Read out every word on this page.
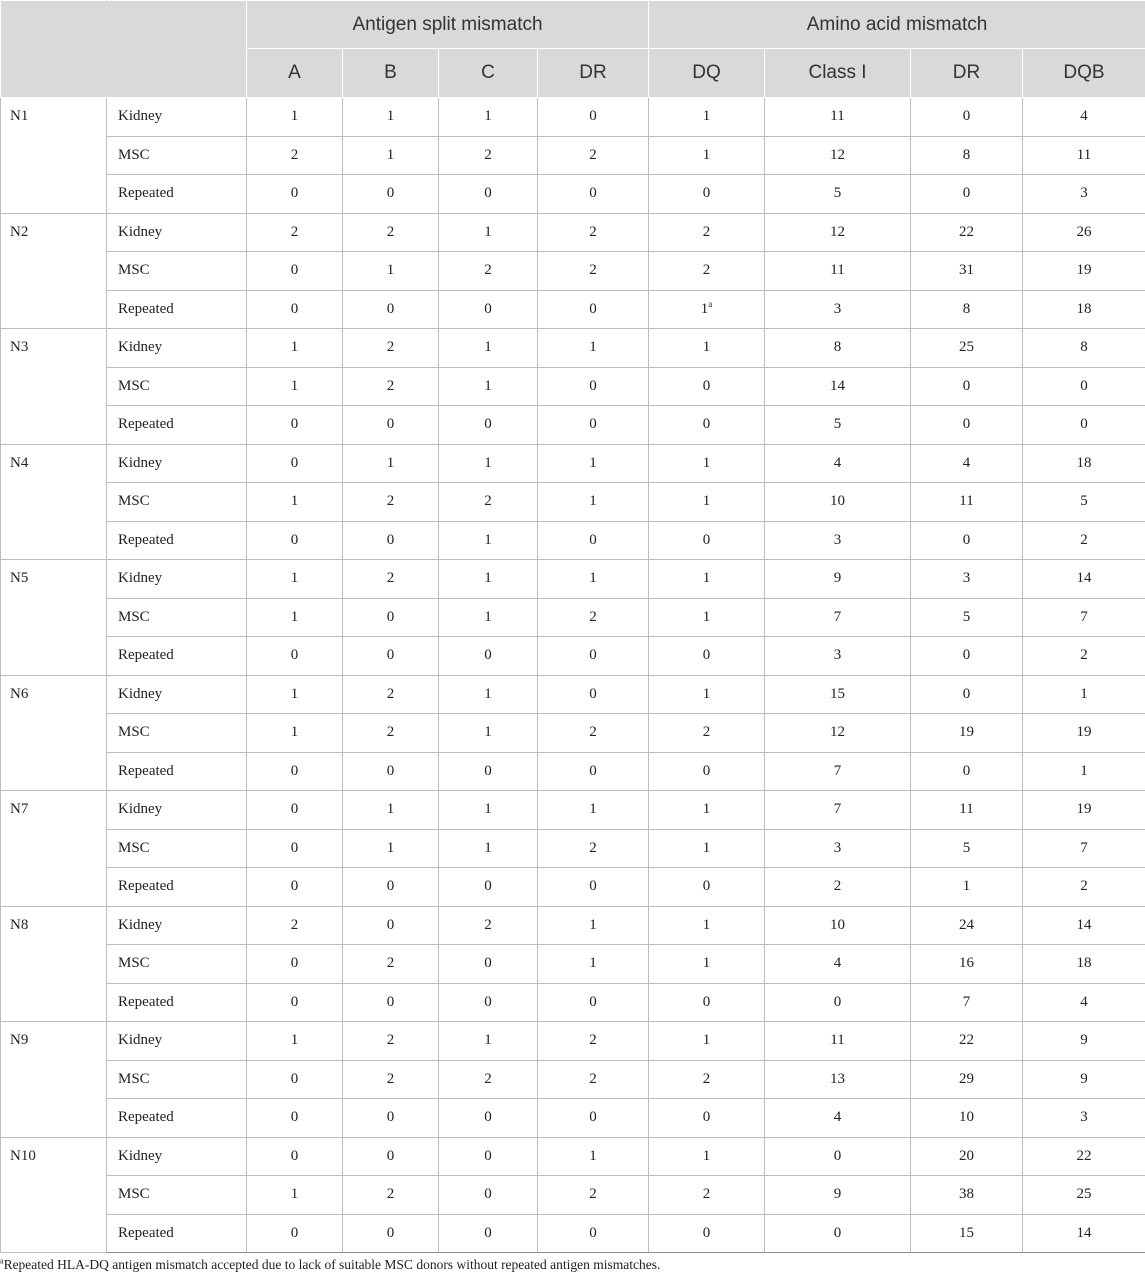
		Antigen split mismatch				Amino acid mismatch			
		A	B	C	DR	DQ	Class I	DR	DQB
N1	Kidney	1	1	1	0	1	11	0	4
	MSC	2	1	2	2	1	12	8	11
	Repeated	0	0	0	0	0	5	0	3
N2	Kidney	2	2	1	2	2	12	22	26
	MSC	0	1	2	2	2	11	31	19
	Repeated	0	0	0	0	1$^a$	3	8	18
N3	Kidney	1	2	1	1	1	8	25	8
	MSC	1	2	1	0	0	14	0	0
	Repeated	0	0	0	0	0	5	0	0
N4	Kidney	0	1	1	1	1	4	4	18
	MSC	1	2	2	1	1	10	11	5
	Repeated	0	0	1	0	0	3	0	2
N5	Kidney	1	2	1	1	1	9	3	14
	MSC	1	0	1	2	1	7	5	7
	Repeated	0	0	0	0	0	3	0	2
N6	Kidney	1	2	1	0	1	15	0	1
	MSC	1	2	1	2	2	12	19	19
	Repeated	0	0	0	0	0	7	0	1
N7	Kidney	0	1	1	1	1	7	11	19
	MSC	0	1	1	2	1	3	5	7
	Repeated	0	0	0	0	0	2	1	2
N8	Kidney	2	0	2	1	1	10	24	14
	MSC	0	2	0	1	1	4	16	18
	Repeated	0	0	0	0	0	0	7	4
N9	Kidney	1	2	1	2	1	11	22	9
	MSC	0	2	2	2	2	13	29	9
	Repeated	0	0	0	0	0	4	10	3
N10	Kidney	0	0	0	1	1	0	20	22
	MSC	1	2	0	2	2	9	38	25
	Repeated	0	0	0	0	0	0	15	14
$^a$Repeated HLA-DQ antigen mismatch accepted due to lack of suitable MSC donors without repeated antigen mismatches.
